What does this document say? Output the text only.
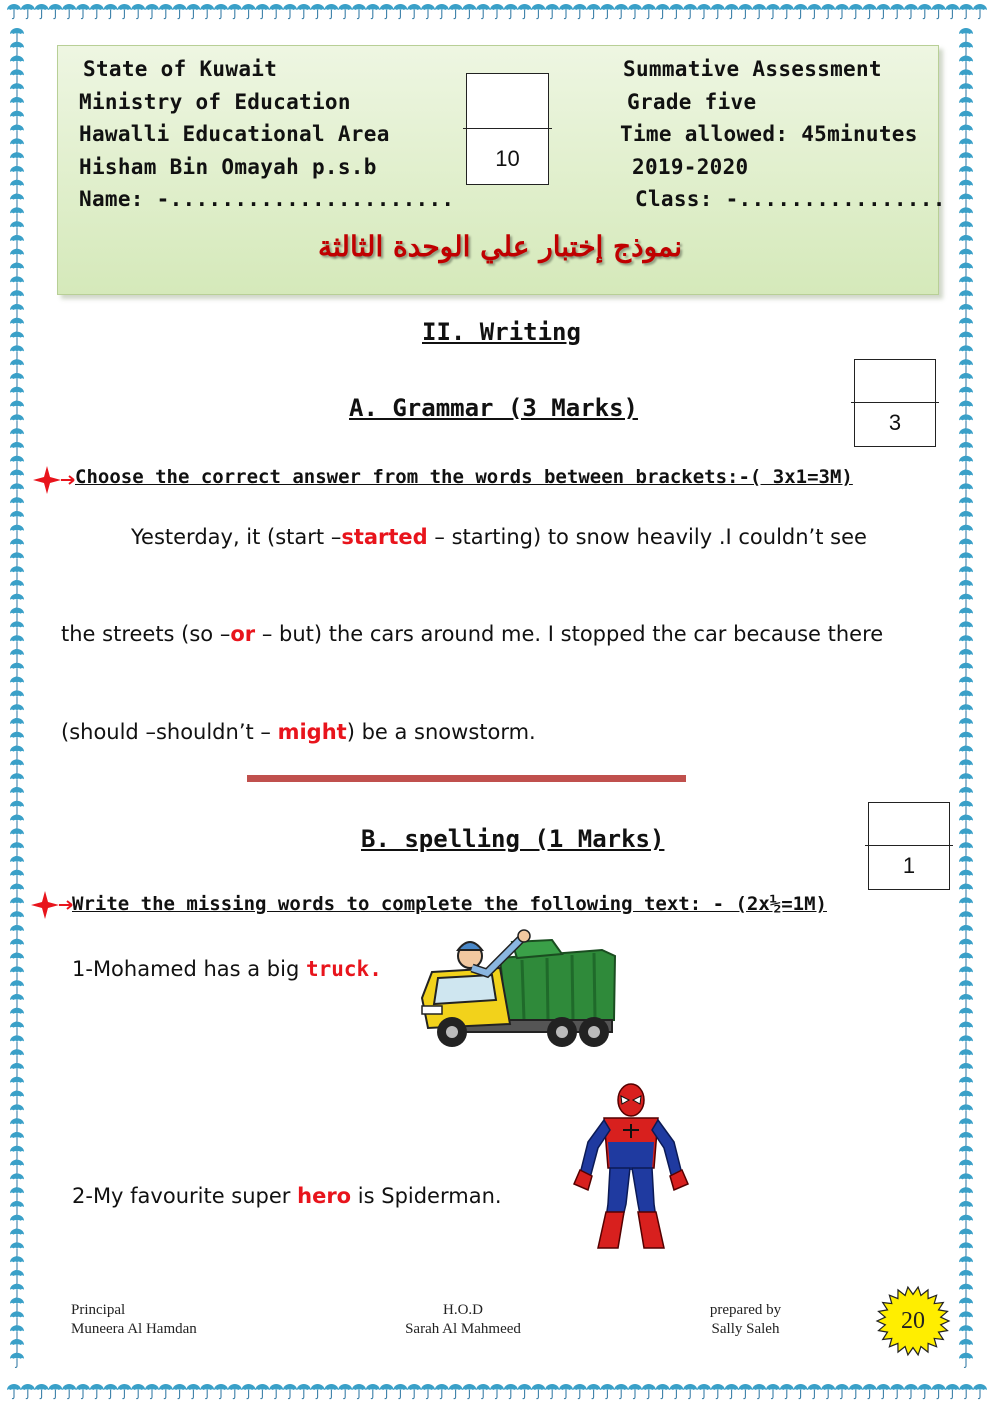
State of Kuwait
Ministry of Education
Hawalli Educational Area
Hisham Bin Omayah p.s.b
Name: -......................
Summative Assessment
Grade five
Time allowed: 45minutes
2019-2020
Class: -................
10
نموذج إختبار علي الوحدة الثالثة
II. Writing
A. Grammar (3 Marks)
3
Choose the correct answer from the words between brackets:-( 3x1=3M)
Yesterday, it (start –started – starting) to snow heavily .I couldn’t see
the streets (so –or – but) the cars around me. I stopped the car because there
(should –shouldn’t – might) be a snowstorm.
B. spelling (1 Marks)
1
Write the missing words to complete the following text: - (2x½=1M)
1-Mohamed has a big truck.
2-My favourite super hero is Spiderman.
Principal
Muneera Al Hamdan
H.O.D
Sarah Al Mahmeed
prepared by
Sally Saleh	20
